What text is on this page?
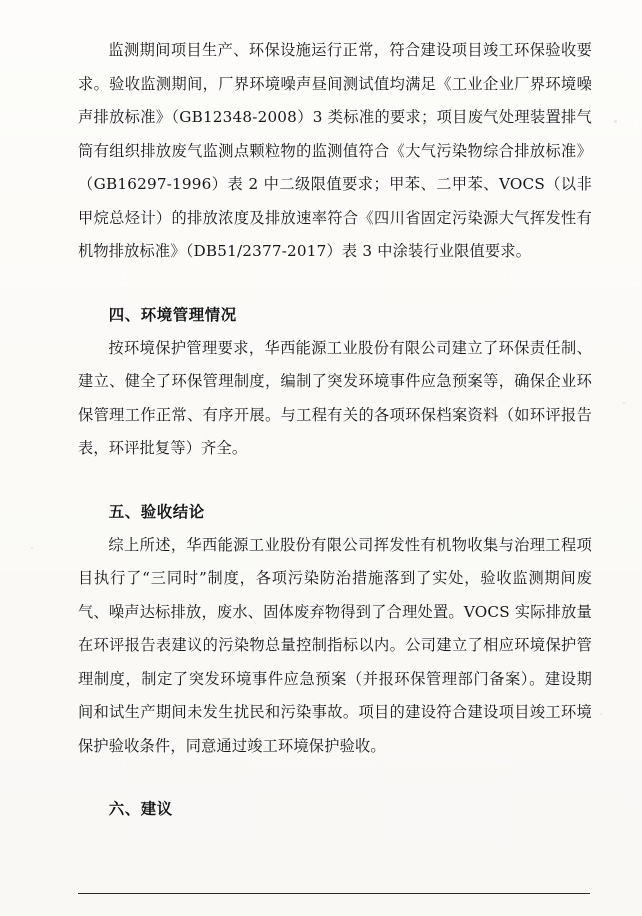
监测期间项目生产、环保设施运行正常，符合建设项目竣工环保验收要求。验收监测期间，厂界环境噪声昼间测试值均满足《工业企业厂界环境噪声排放标准》（GB12348-2008）3 类标准的要求；项目废气处理装置排气筒有组织排放废气监测点颗粒物的监测值符合《大气污染物综合排放标准》（GB16297-1996）表 2 中二级限值要求；甲苯、二甲苯、VOCS（以非甲烷总烃计）的排放浓度及排放速率符合《四川省固定污染源大气挥发性有机物排放标准》（DB51/2377-2017）表 3 中涂装行业限值要求。

四、环境管理情况

按环境保护管理要求，华西能源工业股份有限公司建立了环保责任制、建立、健全了环保管理制度，编制了突发环境事件应急预案等，确保企业环保管理工作正常、有序开展。与工程有关的各项环保档案资料（如环评报告表，环评批复等）齐全。

五、验收结论

综上所述，华西能源工业股份有限公司挥发性有机物收集与治理工程项目执行了“三同时”制度，各项污染防治措施落到了实处，验收监测期间废气、噪声达标排放，废水、固体废弃物得到了合理处置。VOCS 实际排放量在环评报告表建议的污染物总量控制指标以内。公司建立了相应环境保护管理制度，制定了突发环境事件应急预案（并报环保管理部门备案）。建设期间和试生产期间未发生扰民和污染事故。项目的建设符合建设项目竣工环境保护验收条件，同意通过竣工环境保护验收。

六、建议
